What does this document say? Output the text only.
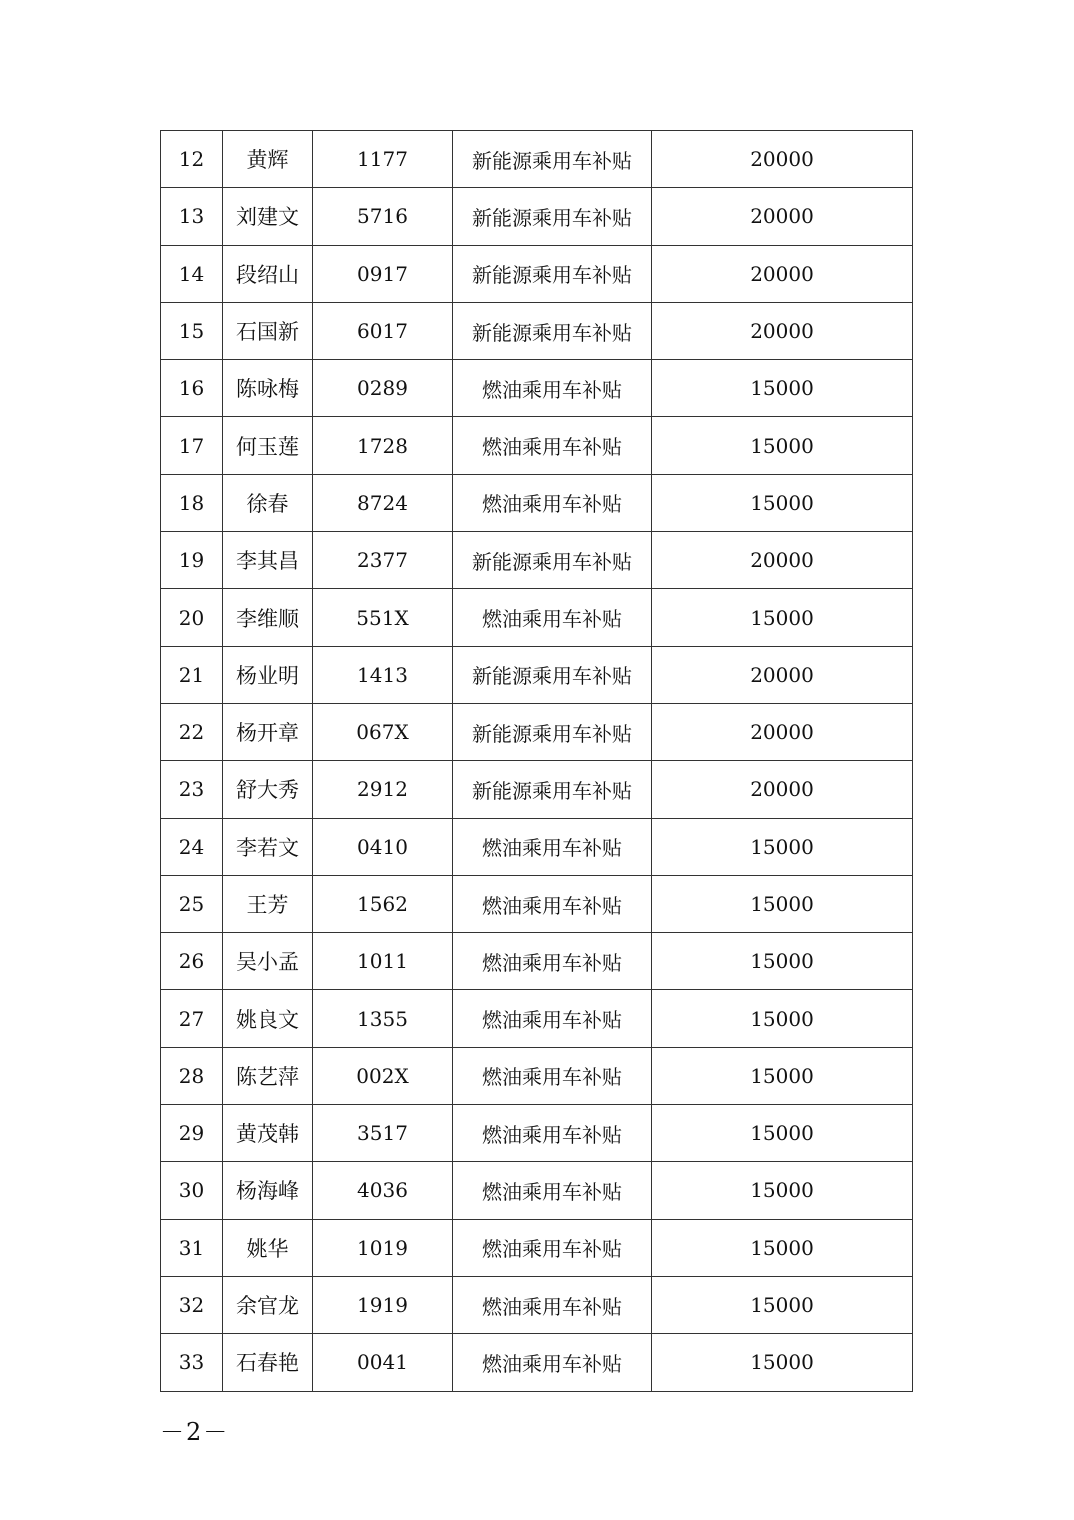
12	黄辉	1177	新能源乘用车补贴	20000
13	刘建文	5716	新能源乘用车补贴	20000
14	段绍山	0917	新能源乘用车补贴	20000
15	石国新	6017	新能源乘用车补贴	20000
16	陈咏梅	0289	燃油乘用车补贴	15000
17	何玉莲	1728	燃油乘用车补贴	15000
18	徐春	8724	燃油乘用车补贴	15000
19	李其昌	2377	新能源乘用车补贴	20000
20	李维顺	551X	燃油乘用车补贴	15000
21	杨业明	1413	新能源乘用车补贴	20000
22	杨开章	067X	新能源乘用车补贴	20000
23	舒大秀	2912	新能源乘用车补贴	20000
24	李若文	0410	燃油乘用车补贴	15000
25	王芳	1562	燃油乘用车补贴	15000
26	吴小孟	1011	燃油乘用车补贴	15000
27	姚良文	1355	燃油乘用车补贴	15000
28	陈艺萍	002X	燃油乘用车补贴	15000
29	黄茂韩	3517	燃油乘用车补贴	15000
30	杨海峰	4036	燃油乘用车补贴	15000
31	姚华	1019	燃油乘用车补贴	15000
32	余官龙	1919	燃油乘用车补贴	15000
33	石春艳	0041	燃油乘用车补贴	15000
－2－
